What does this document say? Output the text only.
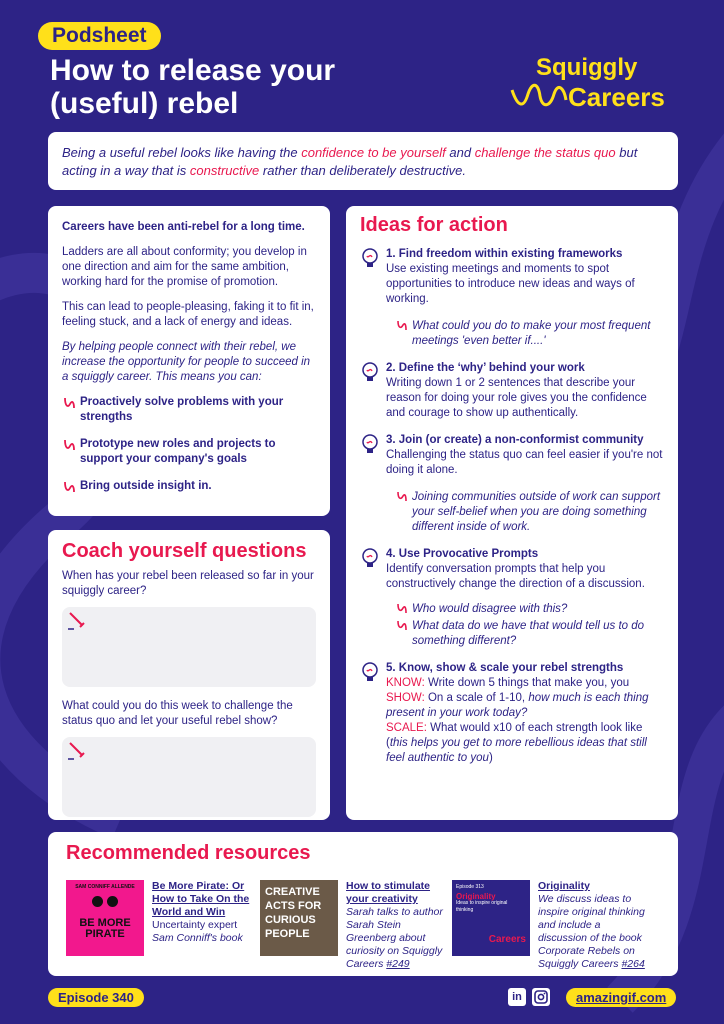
Podsheet
How to release your (useful) rebel
Squiggly
Careers

Being a useful rebel looks like having the confidence to be yourself and challenge the status quo but acting in a way that is constructive rather than deliberately destructive.

Careers have been anti-rebel for a long time.

Ladders are all about conformity; you develop in one direction and aim for the same ambition, working hard for the promise of promotion.

This can lead to people-pleasing, faking it to fit in, feeling stuck, and a lack of energy and ideas.

By helping people connect with their rebel, we increase the opportunity for people to succeed in a squiggly career. This means you can:

Proactively solve problems with your strengths
Prototype new roles and projects to support your company's goals
Bring outside insight in.
Coach yourself questions
When has your rebel been released so far in your squiggly career?
What could you do this week to challenge the status quo and let your useful rebel show?
Ideas for action
1. Find freedom within existing frameworks
Use existing meetings and moments to spot opportunities to introduce new ideas and ways of working.
What could you do to make your most frequent meetings 'even better if....'
2. Define the ‘why’ behind your work
Writing down 1 or 2 sentences that describe your reason for doing your role gives you the confidence and courage to show up authentically.
3. Join (or create) a non-conformist community
Challenging the status quo can feel easier if you're not doing it alone.
Joining communities outside of work can support your self-belief when you are doing something different inside of work.
4. Use Provocative Prompts
Identify conversation prompts that help you constructively change the direction of a discussion.
Who would disagree with this?
What data do we have that would tell us to do something different?
5. Know, show & scale your rebel strengths
KNOW: Write down 5 things that make you, you
SHOW: On a scale of 1-10, how much is each thing present in your work today?
SCALE: What would x10 of each strength look like (this helps you get to more rebellious ideas that still feel authentic to you)
Recommended resources
SAM CONNIFF ALLENDE
BE MORE PIRATE
Be More Pirate: Or How to Take On the World and Win
Uncertainty expert Sam Conniff's book
CREATIVE ACTS FOR CURIOUS PEOPLE
How to stimulate your creativity
Sarah talks to author Sarah Stein Greenberg about curiosity on Squiggly Careers #249
Episode 313
Originality
Ideas to inspire original thinking
Careers
Originality
We discuss ideas to inspire original thinking and include a discussion of the book Corporate Rebels on Squiggly Careers #264
Episode 340	in	amazingif.com
